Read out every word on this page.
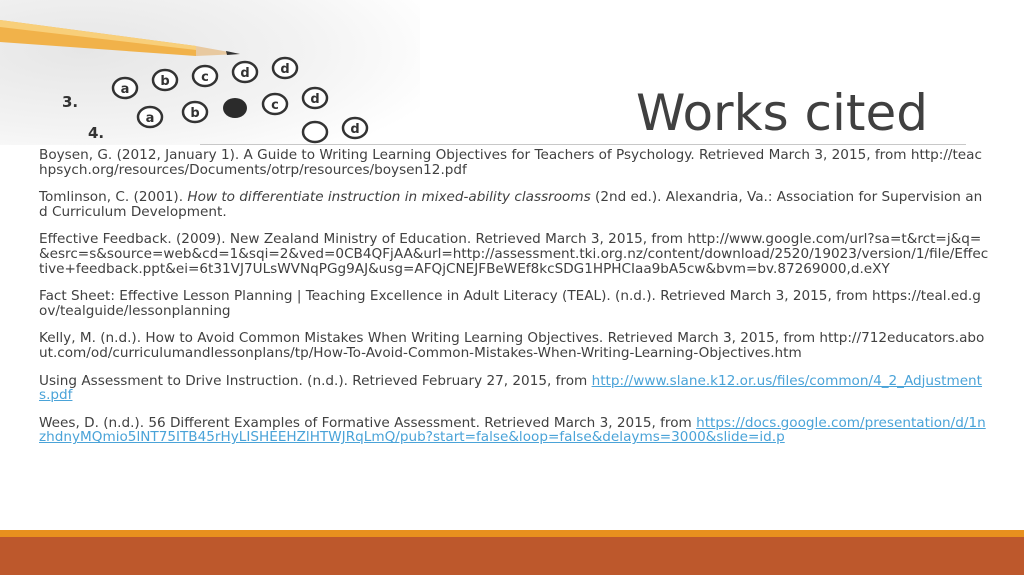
a
b c d d
a	b
c d
d
3.
4.	Works cited

Boysen, G. (2012, January 1). A Guide to Writing Learning Objectives for Teachers of Psychology. Retrieved March 3, 2015, from http://teachpsych.org/resources/Documents/otrp/resources/boysen12.pdf

Tomlinson, C. (2001). How to differentiate instruction in mixed-ability classrooms (2nd ed.). Alexandria, Va.: Association for Supervision and Curriculum Development.

Effective Feedback. (2009). New Zealand Ministry of Education. Retrieved March 3, 2015, from http://www.google.com/url?sa=t&rct=j&q=&esrc=s&source=web&cd=1&sqi=2&ved=0CB4QFjAA&url=http://assessment.tki.org.nz/content/download/2520/19023/version/1/file/Effective+feedback.ppt&ei=6t31VJ7ULsWVNqPGg9AJ&usg=AFQjCNEJFBeWEf8kcSDG1HPHCIaa9bA5cw&bvm=bv.87269000,d.eXY

Fact Sheet: Effective Lesson Planning | Teaching Excellence in Adult Literacy (TEAL). (n.d.). Retrieved March 3, 2015, from https://teal.ed.gov/tealguide/lessonplanning

Kelly, M. (n.d.). How to Avoid Common Mistakes When Writing Learning Objectives. Retrieved March 3, 2015, from http://712educators.about.com/od/curriculumandlessonplans/tp/How-To-Avoid-Common-Mistakes-When-Writing-Learning-Objectives.htm

Using Assessment to Drive Instruction. (n.d.). Retrieved February 27, 2015, from http://www.slane.k12.or.us/files/common/4_2_Adjustments.pdf

Wees, D. (n.d.). 56 Different Examples of Formative Assessment. Retrieved March 3, 2015, from https://docs.google.com/presentation/d/1nzhdnyMQmio5lNT75ITB45rHyLISHEEHZlHTWJRqLmQ/pub?start=false&loop=false&delayms=3000&slide=id.p
